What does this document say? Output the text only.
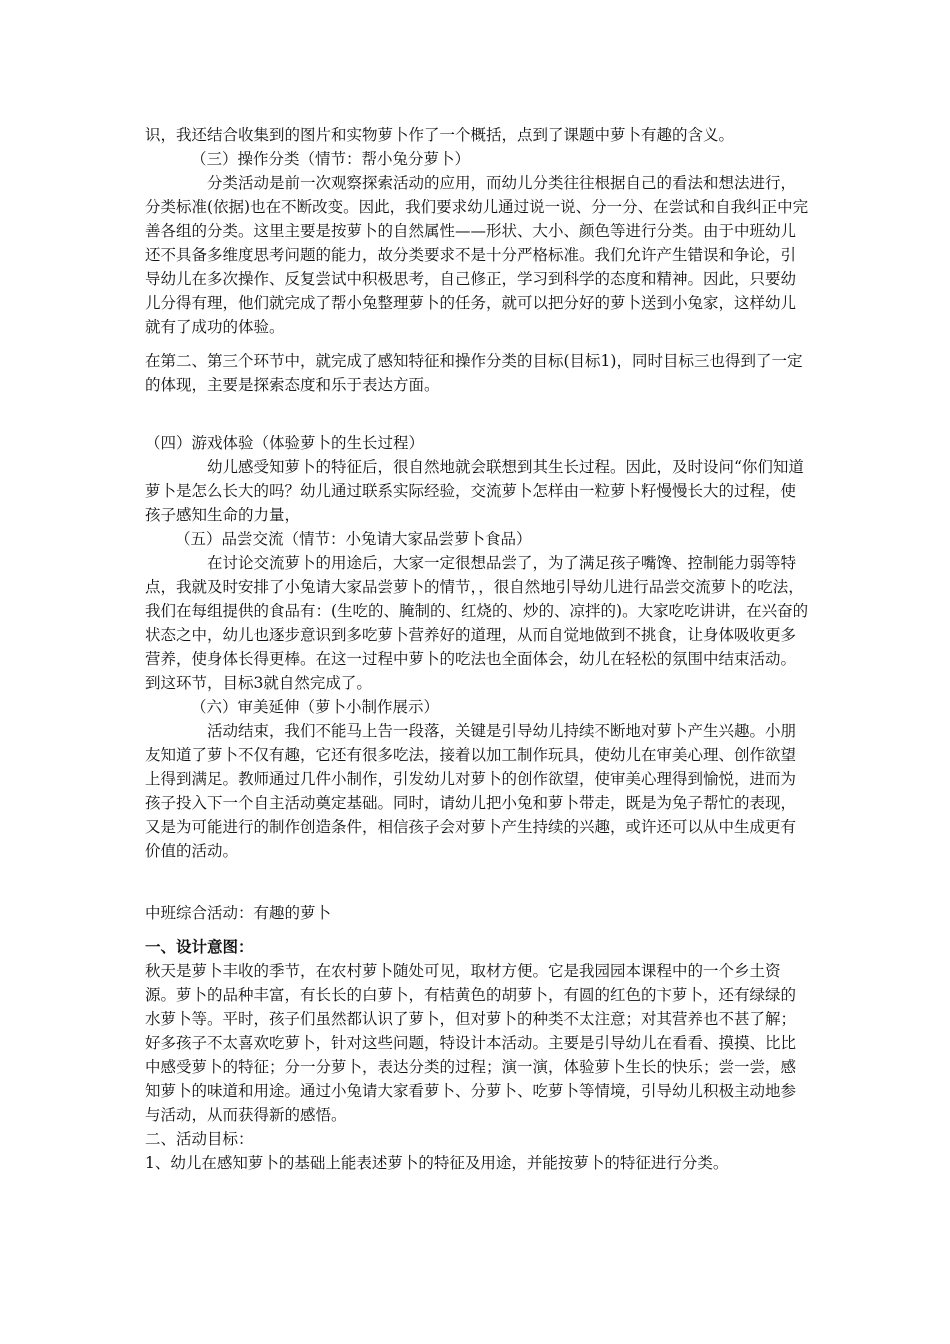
识，我还结合收集到的图片和实物萝卜作了一个概括，点到了课题中萝卜有趣的含义。

（三）操作分类（情节：帮小兔分萝卜）

分类活动是前一次观察探索活动的应用，而幼儿分类往往根据自己的看法和想法进行，分类标准(依据)也在不断改变。因此，我们要求幼儿通过说一说、分一分、在尝试和自我纠正中完善各组的分类。这里主要是按萝卜的自然属性——形状、大小、颜色等进行分类。由于中班幼儿还不具备多维度思考问题的能力，故分类要求不是十分严格标准。我们允许产生错误和争论，引导幼儿在多次操作、反复尝试中积极思考，自己修正，学习到科学的态度和精神。因此，只要幼儿分得有理，他们就完成了帮小兔整理萝卜的任务，就可以把分好的萝卜送到小兔家，这样幼儿就有了成功的体验。

在第二、第三个环节中，就完成了感知特征和操作分类的目标(目标1)，同时目标三也得到了一定的体现，主要是探索态度和乐于表达方面。

（四）游戏体验（体验萝卜的生长过程）

幼儿感受知萝卜的特征后，很自然地就会联想到其生长过程。因此，及时设问“你们知道萝卜是怎么长大的吗？幼儿通过联系实际经验，交流萝卜怎样由一粒萝卜籽慢慢长大的过程，使孩子感知生命的力量，

（五）品尝交流（情节：小兔请大家品尝萝卜食品）

在讨论交流萝卜的用途后，大家一定很想品尝了，为了满足孩子嘴馋、控制能力弱等特点，我就及时安排了小兔请大家品尝萝卜的情节，，很自然地引导幼儿进行品尝交流萝卜的吃法，我们在每组提供的食品有：(生吃的、腌制的、红烧的、炒的、凉拌的)。大家吃吃讲讲，在兴奋的状态之中，幼儿也逐步意识到多吃萝卜营养好的道理，从而自觉地做到不挑食，让身体吸收更多营养，使身体长得更棒。在这一过程中萝卜的吃法也全面体会，幼儿在轻松的氛围中结束活动。到这环节，目标3就自然完成了。

（六）审美延伸（萝卜小制作展示）

活动结束，我们不能马上告一段落，关键是引导幼儿持续不断地对萝卜产生兴趣。小朋友知道了萝卜不仅有趣，它还有很多吃法，接着以加工制作玩具，使幼儿在审美心理、创作欲望上得到满足。教师通过几件小制作，引发幼儿对萝卜的创作欲望，使审美心理得到愉悦，进而为孩子投入下一个自主活动奠定基础。同时，请幼儿把小兔和萝卜带走，既是为兔子帮忙的表现，又是为可能进行的制作创造条件，相信孩子会对萝卜产生持续的兴趣，或许还可以从中生成更有价值的活动。

中班综合活动：有趣的萝卜

一、设计意图：

秋天是萝卜丰收的季节，在农村萝卜随处可见，取材方便。它是我园园本课程中的一个乡土资源。萝卜的品种丰富，有长长的白萝卜，有桔黄色的胡萝卜，有圆的红色的卞萝卜，还有绿绿的水萝卜等。平时，孩子们虽然都认识了萝卜，但对萝卜的种类不太注意；对其营养也不甚了解；好多孩子不太喜欢吃萝卜，针对这些问题，特设计本活动。主要是引导幼儿在看看、摸摸、比比中感受萝卜的特征；分一分萝卜，表达分类的过程；演一演，体验萝卜生长的快乐；尝一尝，感知萝卜的味道和用途。通过小兔请大家看萝卜、分萝卜、吃萝卜等情境，引导幼儿积极主动地参与活动，从而获得新的感悟。

二、活动目标：

1、幼儿在感知萝卜的基础上能表述萝卜的特征及用途，并能按萝卜的特征进行分类。
